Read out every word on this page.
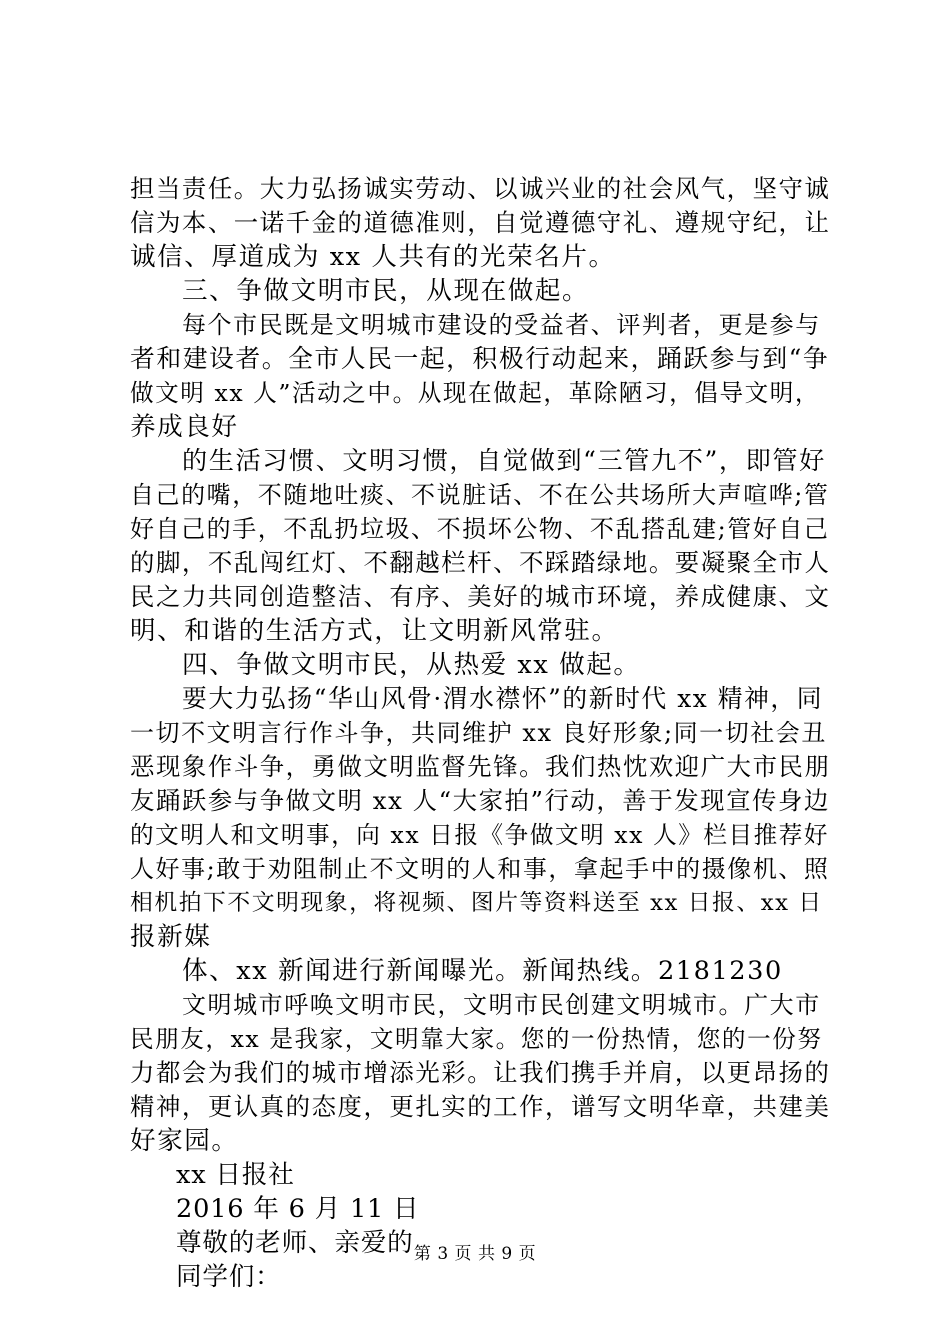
担当责任。大力弘扬诚实劳动、以诚兴业的社会风气，坚守诚

信为本、一诺千金的道德准则，自觉遵德守礼、遵规守纪，让

诚信、厚道成为 xx 人共有的光荣名片。

三、争做文明市民，从现在做起。

每个市民既是文明城市建设的受益者、评判者，更是参与

者和建设者。全市人民一起，积极行动起来，踊跃参与到“争

做文明 xx 人”活动之中。从现在做起，革除陋习，倡导文明，

养成良好

的生活习惯、文明习惯，自觉做到“三管九不”，即管好

自己的嘴，不随地吐痰、不说脏话、不在公共场所大声喧哗;管

好自己的手，不乱扔垃圾、不损坏公物、不乱搭乱建;管好自己

的脚，不乱闯红灯、不翻越栏杆、不踩踏绿地。要凝聚全市人

民之力共同创造整洁、有序、美好的城市环境，养成健康、文

明、和谐的生活方式，让文明新风常驻。

四、争做文明市民，从热爱 xx 做起。

要大力弘扬“华山风骨·渭水襟怀”的新时代 xx 精神，同

一切不文明言行作斗争，共同维护 xx 良好形象;同一切社会丑

恶现象作斗争，勇做文明监督先锋。我们热忱欢迎广大市民朋

友踊跃参与争做文明 xx 人“大家拍”行动，善于发现宣传身边

的文明人和文明事，向 xx 日报《争做文明 xx 人》栏目推荐好

人好事;敢于劝阻制止不文明的人和事，拿起手中的摄像机、照

相机拍下不文明现象，将视频、图片等资料送至 xx 日报、xx 日

报新媒

体、xx 新闻进行新闻曝光。新闻热线。2181230

文明城市呼唤文明市民，文明市民创建文明城市。广大市

民朋友，xx 是我家，文明靠大家。您的一份热情，您的一份努

力都会为我们的城市增添光彩。让我们携手并肩，以更昂扬的

精神，更认真的态度，更扎实的工作，谱写文明华章，共建美

好家园。

xx 日报社

2016 年 6 月 11 日

尊敬的老师、亲爱的

同学们：

第 3 页 共 9 页
